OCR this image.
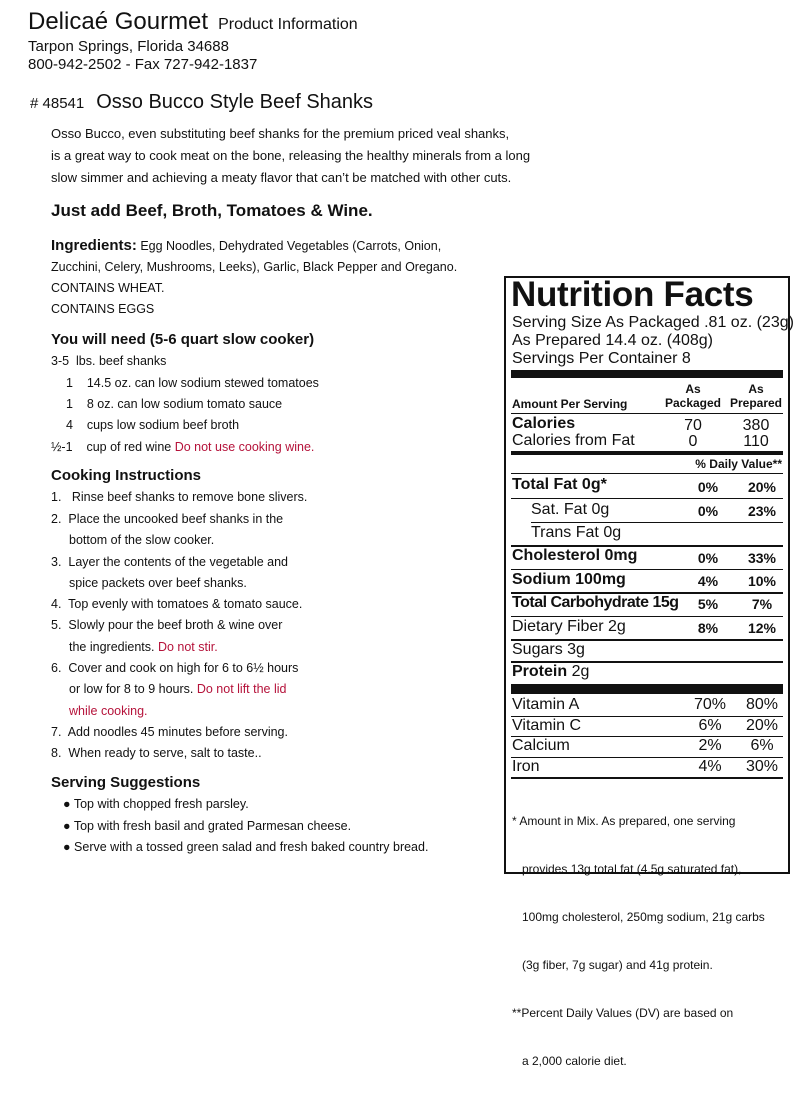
Delicaé Gourmet Product Information
Tarpon Springs, Florida 34688
800-942-2502 - Fax 727-942-1837
# 48541 Osso Bucco Style Beef Shanks
Osso Bucco, even substituting beef shanks for the premium priced veal shanks,
is a great way to cook meat on the bone, releasing the healthy minerals from a long
slow simmer and achieving a meaty flavor that can’t be matched with other cuts.
Just add Beef, Broth, Tomatoes & Wine.
Ingredients: Egg Noodles, Dehydrated Vegetables (Carrots, Onion,
Zucchini, Celery, Mushrooms, Leeks), Garlic, Black Pepper and Oregano.
CONTAINS WHEAT.
CONTAINS EGGS
You will need (5-6 quart slow cooker)
3-5 lbs. beef shanks
1 14.5 oz. can low sodium stewed tomatoes
1 8 oz. can low sodium tomato sauce
4 cups low sodium beef broth
½-1 cup of red wine Do not use cooking wine.
Cooking Instructions
1. Rinse beef shanks to remove bone slivers.
2. Place the uncooked beef shanks in the
bottom of the slow cooker.
3. Layer the contents of the vegetable and
spice packets over beef shanks.
4. Top evenly with tomatoes & tomato sauce.
5. Slowly pour the beef broth & wine over
the ingredients. Do not stir.
6. Cover and cook on high for 6 to 6½ hours
or low for 8 to 9 hours. Do not lift the lid
while cooking.
7. Add noodles 45 minutes before serving.
8. When ready to serve, salt to taste..
Serving Suggestions
● Top with chopped fresh parsley.
● Top with fresh basil and grated Parmesan cheese.
● Serve with a tossed green salad and fresh baked country bread.
Nutrition Facts
Serving Size As Packaged .81 oz. (23g)
As Prepared 14.4 oz. (408g)
Servings Per Container 8
Amount Per Serving
As
Packaged
As
Prepared
Calories	70	380
Calories from Fat	0	110
% Daily Value**
Total Fat 0g*	0%	20%
Sat. Fat 0g	0%	23%
Trans Fat 0g
Cholesterol 0mg	0%	33%
Sodium 100mg	4%	10%
Total Carbohydrate 15g	5%	7%
Dietary Fiber 2g	8%	12%
Sugars 3g
Protein 2g
Vitamin A	70%	80%
Vitamin C	6%	20%
Calcium	2%	6%
Iron	4%	30%

* Amount in Mix. As prepared, one serving

provides 13g total fat (4.5g saturated fat),

100mg cholesterol, 250mg sodium, 21g carbs

(3g fiber, 7g sugar) and 41g protein.

**Percent Daily Values (DV) are based on

a 2,000 calorie diet.
